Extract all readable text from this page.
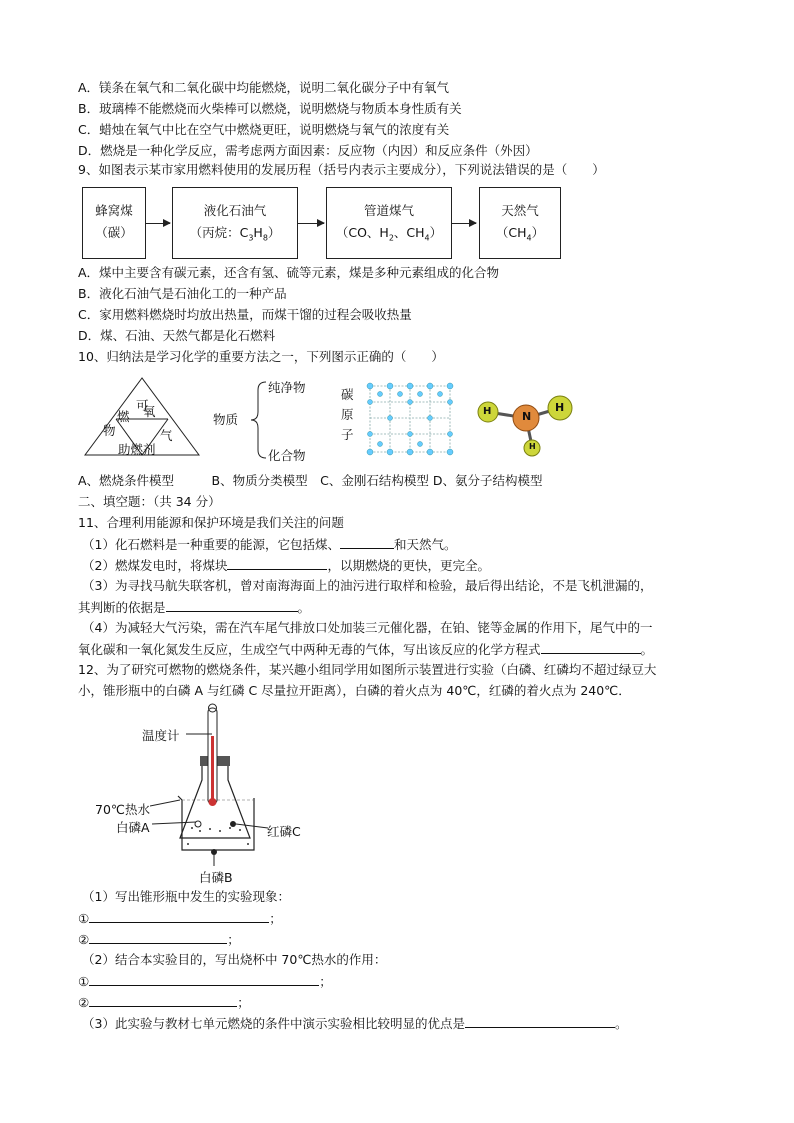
A．镁条在氧气和二氧化碳中均能燃烧，说明二氧化碳分子中有氧气
B．玻璃棒不能燃烧而火柴棒可以燃烧，说明燃烧与物质本身性质有关
C．蜡烛在氧气中比在空气中燃烧更旺，说明燃烧与氧气的浓度有关
D．燃烧是一种化学反应，需考虑两方面因素：反应物（内因）和反应条件（外因）
9、如图表示某市家用燃料使用的发展历程（括号内表示主要成分），下列说法错误的是（　　）
蜂窝煤
（碳）
液化石油气
（丙烷：$C_3H_8$）
管道煤气
（CO、$H_2$、$CH_4$）
天然气
$(CH_4)$
A．煤中主要含有碳元素，还含有氢、硫等元素，煤是多种元素组成的化合物
B．液化石油气是石油化工的一种产品
C．家用燃料燃烧时均放出热量，而煤干馏的过程会吸收热量
D．煤、石油、天然气都是化石燃料
10、归纳法是学习化学的重要方法之一，下列图示正确的（　　）
可
燃
物
氧
气
助燃剂
物质
纯净物
化合物
碳
原
子
H	N
H
H
A、燃烧条件模型　　　B、物质分类模型　C、金刚石结构模型 D、氨分子结构模型
二、填空题：（共 34 分）
11、合理利用能源和保护环境是我们关注的问题
（1）化石燃料是一种重要的能源，它包括煤、	和天然气。
（2）燃煤发电时，将煤块	，以期燃烧的更快，更完全。
（3）为寻找马航失联客机，曾对南海海面上的油污进行取样和检验，最后得出结论，不是飞机泄漏的，
其判断的依据是	。
（4）为减轻大气污染，需在汽车尾气排放口处加装三元催化器，在铂、铑等金属的作用下，尾气中的一
氧化碳和一氧化氮发生反应，生成空气中两种无毒的气体，写出该反应的化学方程式	。
12、为了研究可燃物的燃烧条件，某兴趣小组同学用如图所示装置进行实验（白磷、红磷均不超过绿豆大
小，锥形瓶中的白磷 A 与红磷 C 尽量拉开距离），白磷的着火点为 40℃，红磷的着火点为 240℃．
温度计
70℃热水
白磷A	红磷C
白磷B
（1）写出锥形瓶中发生的实验现象：
①	；
②	；
（2）结合本实验目的，写出烧杯中 70℃热水的作用：
①	；
②	；
（3）此实验与教材七单元燃烧的条件中演示实验相比较明显的优点是	。
